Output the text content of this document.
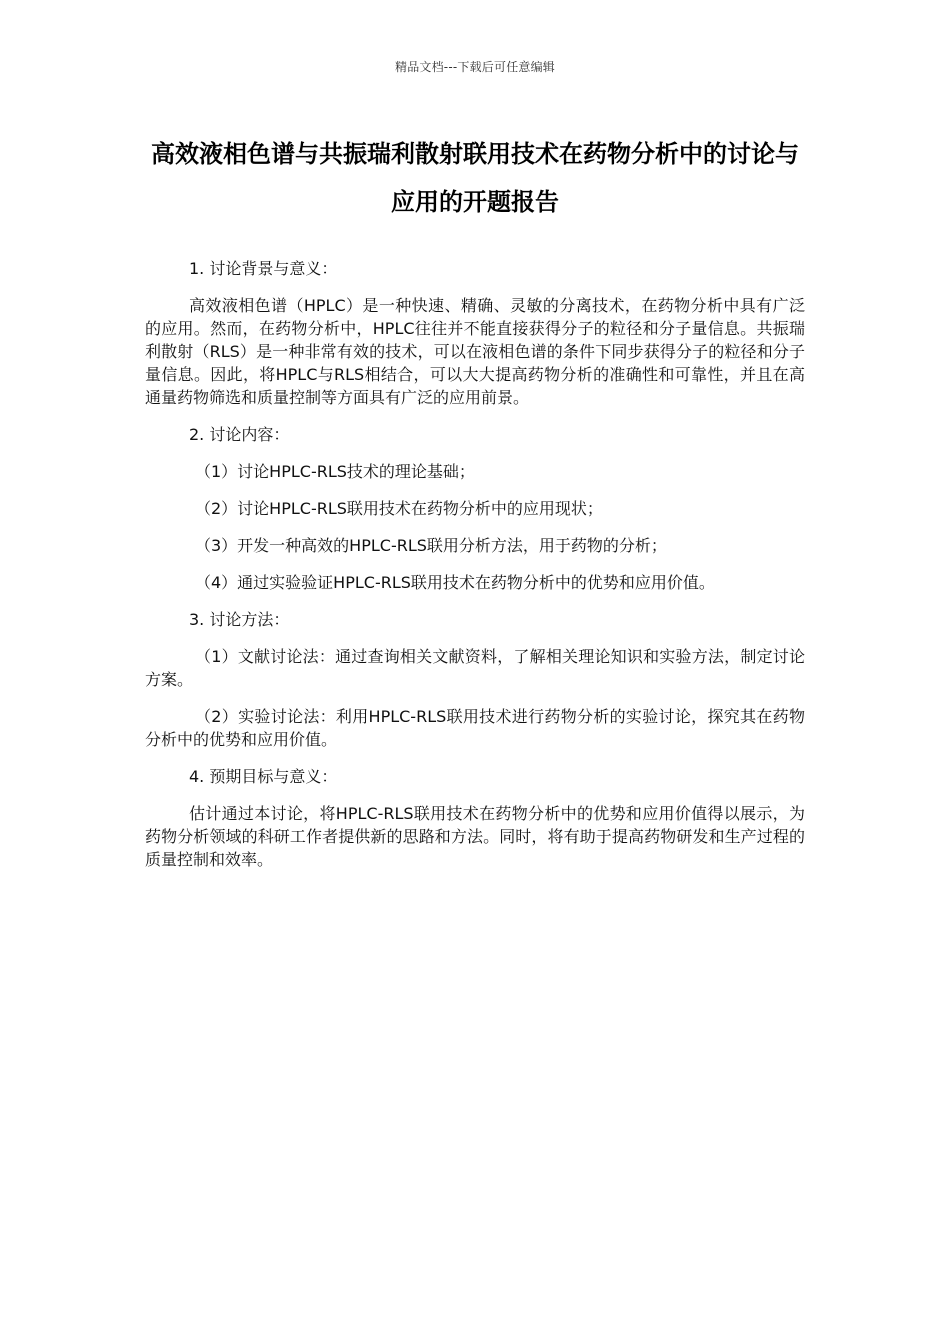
精品文档---下载后可任意编辑
高效液相色谱与共振瑞利散射联用技术在药物分析中的讨论与应用的开题报告

1. 讨论背景与意义：

高效液相色谱（HPLC）是一种快速、精确、灵敏的分离技术，在药物分析中具有广泛的应用。然而，在药物分析中，HPLC往往并不能直接获得分子的粒径和分子量信息。共振瑞利散射（RLS）是一种非常有效的技术，可以在液相色谱的条件下同步获得分子的粒径和分子量信息。因此，将HPLC与RLS相结合，可以大大提高药物分析的准确性和可靠性，并且在高通量药物筛选和质量控制等方面具有广泛的应用前景。

2. 讨论内容：

（1）讨论HPLC-RLS技术的理论基础；

（2）讨论HPLC-RLS联用技术在药物分析中的应用现状；

（3）开发一种高效的HPLC-RLS联用分析方法，用于药物的分析；

（4）通过实验验证HPLC-RLS联用技术在药物分析中的优势和应用价值。

3. 讨论方法：

（1）文献讨论法：通过查询相关文献资料，了解相关理论知识和实验方法，制定讨论方案。

（2）实验讨论法：利用HPLC-RLS联用技术进行药物分析的实验讨论，探究其在药物分析中的优势和应用价值。

4. 预期目标与意义：

估计通过本讨论，将HPLC-RLS联用技术在药物分析中的优势和应用价值得以展示，为药物分析领域的科研工作者提供新的思路和方法。同时，将有助于提高药物研发和生产过程的质量控制和效率。
